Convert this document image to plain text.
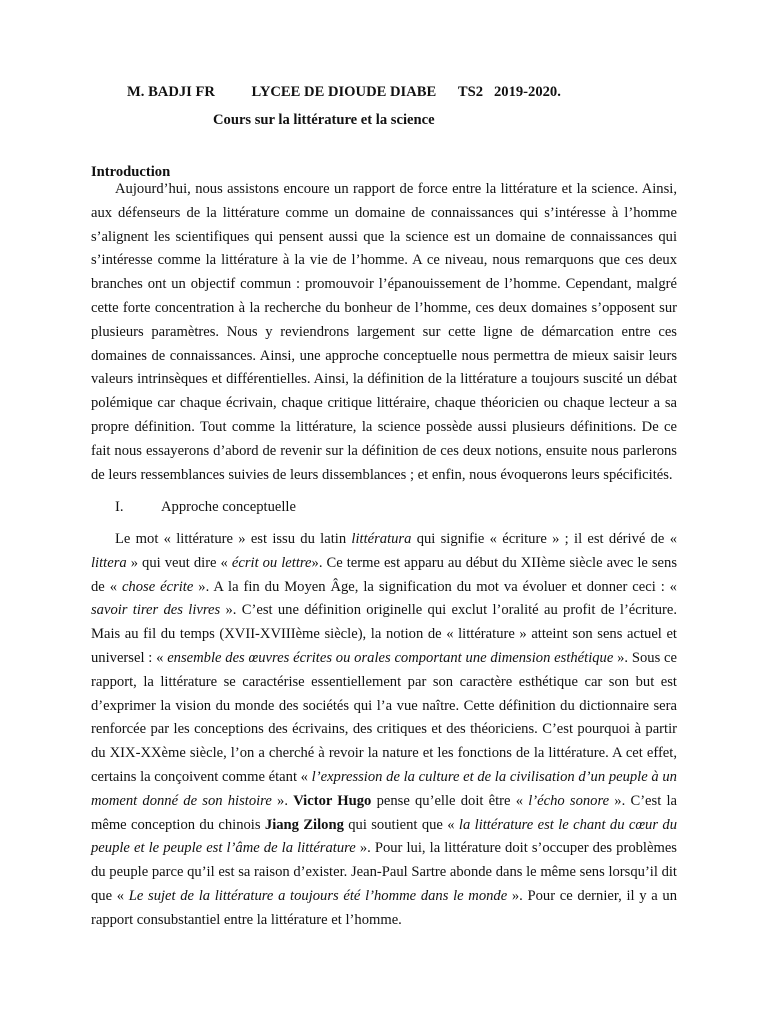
M. BADJI FR LYCEE DE DIOUDE DIABE TS2 2019-2020.
Cours sur la littérature et la science
Introduction

Aujourd’hui, nous assistons encoure un rapport de force entre la littérature et la science. Ainsi, aux défenseurs de la littérature comme un domaine de connaissances qui s’intéresse à l’homme s’alignent les scientifiques qui pensent aussi que la science est un domaine de connaissances qui s’intéresse comme la littérature à la vie de l’homme. A ce niveau, nous remarquons que ces deux branches ont un objectif commun : promouvoir l’épanouissement de l’homme. Cependant, malgré cette forte concentration à la recherche du bonheur de l’homme, ces deux domaines s’opposent sur plusieurs paramètres. Nous y reviendrons largement sur cette ligne de démarcation entre ces domaines de connaissances. Ainsi, une approche conceptuelle nous permettra de mieux saisir leurs valeurs intrinsèques et différentielles. Ainsi, la définition de la littérature a toujours suscité un débat polémique car chaque écrivain, chaque critique littéraire, chaque théoricien ou chaque lecteur a sa propre définition. Tout comme la littérature, la science possède aussi plusieurs définitions. De ce fait nous essayerons d’abord de revenir sur la définition de ces deux notions, ensuite nous parlerons de leurs ressemblances suivies de leurs dissemblances ; et enfin, nous évoquerons leurs spécificités.

I.	Approche conceptuelle

Le mot « littérature » est issu du latin littératura qui signifie « écriture » ; il est dérivé de « littera » qui veut dire « écrit ou lettre». Ce terme est apparu au début du XIIème siècle avec le sens de « chose écrite ». A la fin du Moyen Âge, la signification du mot va évoluer et donner ceci : « savoir tirer des livres ». C’est une définition originelle qui exclut l’oralité au profit de l’écriture. Mais au fil du temps (XVII-XVIIIème siècle), la notion de « littérature » atteint son sens actuel et universel : « ensemble des œuvres écrites ou orales comportant une dimension esthétique ». Sous ce rapport, la littérature se caractérise essentiellement par son caractère esthétique car son but est d’exprimer la vision du monde des sociétés qui l’a vue naître. Cette définition du dictionnaire sera renforcée par les conceptions des écrivains, des critiques et des théoriciens. C’est pourquoi à partir du XIX-XXème siècle, l’on a cherché à revoir la nature et les fonctions de la littérature. A cet effet, certains la conçoivent comme étant « l’expression de la culture et de la civilisation d’un peuple à un moment donné de son histoire ». Victor Hugo pense qu’elle doit être « l’écho sonore ». C’est la même conception du chinois Jiang Zilong qui soutient que « la littérature est le chant du cœur du peuple et le peuple est l’âme de la littérature ». Pour lui, la littérature doit s’occuper des problèmes du peuple parce qu’il est sa raison d’exister. Jean-Paul Sartre abonde dans le même sens lorsqu’il dit que « Le sujet de la littérature a toujours été l’homme dans le monde ». Pour ce dernier, il y a un rapport consubstantiel entre la littérature et l’homme.
